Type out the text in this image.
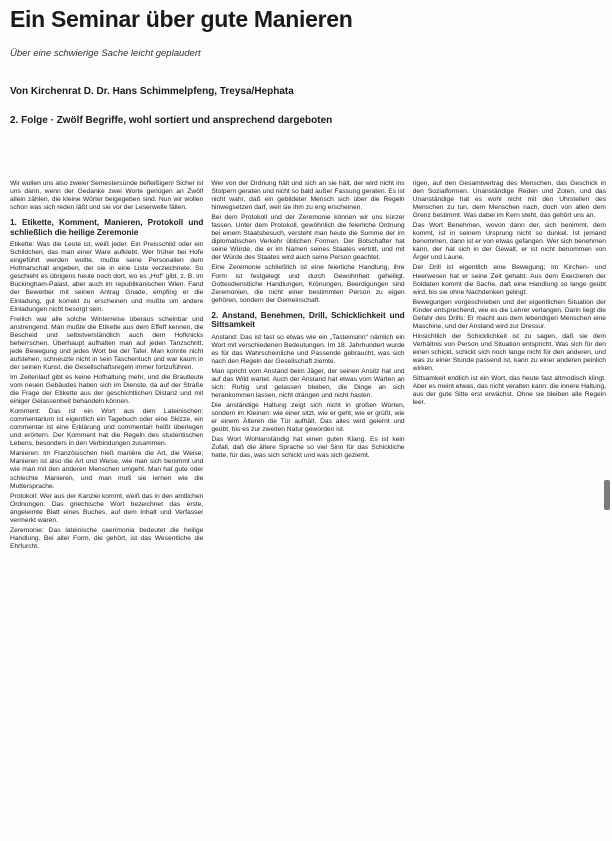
Ein Seminar über gute Manieren
Über eine schwierige Sache leicht geplaudert
Von Kirchenrat D. Dr. Hans Schimmelpfeng, Treysa/Hephata
2. Folge · Zwölf Begriffe, wohl sortiert und ansprechend dargeboten

Wir wollen uns also zweier Semestersünde befleißigen! Sicher ist uns dann, wenn der Gedanke zwei Worte genügen an Zwölf allein zählen, die kleine Wörter beigegeben sind. Nun wir wollen schon was sich reden läßt und sie vor der Leserwelle fällen.

1. Etikette, Komment, Manieren, Protokoll und schließlich die heilige Zeremonie

Etikette: Was die Leute ist, weiß jeder. Ein Preisschild oder ein Schildchen, das man einer Ware aufklebt. Wer früher bei Hofe eingeführt werden wollte, mußte seine Personalien dem Hofmarschall angeben, der sie in eine Liste verzeichnete. So geschieht es übrigens heute noch dort, wo es „Hof“ gibt, z. B. im Buckingham-Palast, aber auch im republikanischen Wien. Fand der Bewerber mit seinen Antrag Gnade, empfing er die Einladung, gut korrekt zu erscheinen und mußte um andere Einladungen nicht besorgt sein.

Freilich war alle solche Winterreise überaus scheinbar und anstrengend. Man mußte die Etikette aus dem Effeff kennen, die Bescheid und selbstverständlich auch dem Hofknicks beherrschen. Überhaupt aufhalten man auf jeden Tanzschritt, jede Bewegung und jedes Wort bei der Tafel. Man konnte nicht aufstehen, schneuzte nicht in sein Taschentuch und war kaum in der seinen Kunst, die Gesellschaftsregeln immer fortzuführen.

Im Zeitenlauf gibt es keine Hofhaltung mehr, und die Brautleute vom neuen Gebäudes haben sich im Dienste, da auf der Straße die Frage der Etikette aus der geschichtlichen Distanz und mit einiger Gelassenheit behandeln können.

Komment: Das ist ein Wort aus dem Lateinischen: commentarium ist eigentlich ein Tagebuch oder eine Skizze, ein commentar ist eine Erklärung und commentari heißt überlegen und erörtern. Der Komment hat die Regeln des studentischen Lebens, besonders in den Verbindungen zusammen.

Manieren: Im Französischen hieß manière die Art, die Weise; Manieren ist also die Art und Weise, wie man sich benimmt und wie man mit den anderen Menschen umgeht. Man hat gute oder schlechte Manieren, und man muß sie lernen wie die Muttersprache.

Protokoll: Wer aus der Kanzlei kommt, weiß das in den amtlichen Ordnungen. Das griechische Wort bezeichnet das erste, angeleimte Blatt eines Buches, auf dem Inhalt und Verfasser vermerkt waren.

Zeremonie: Das lateinische caerimonia bedeutet die heilige Handlung. Bei aller Form, die gehört, ist das Wesentliche die Ehrfurcht.

Wer von der Ordnung hält und sich an sie hält, der wird nicht ins Stolpern geraten und nicht so bald außer Fassung geraten. Es ist nicht wahr, daß ein gebildeter Mensch sich über die Regeln hinwegsetzen darf, weil sie ihm zu eng erscheinen.

Bei dem Protokoll und der Zeremonie können wir uns kürzer fassen. Unter dem Protokoll, gewöhnlich die feierliche Ordnung bei einem Staatsbesuch, versteht man heute die Summe der im diplomatischen Verkehr üblichen Formen. Der Botschafter hat seine Würde, die er im Namen seines Staates vertritt, und mit der Würde des Staates wird auch seine Person geachtet.

Eine Zeremonie schließlich ist eine feierliche Handlung, ihre Form ist festgelegt und durch Gewohnheit geheiligt. Gottesdienstliche Handlungen, Krönungen, Beerdigungen sind Zeremonien, die nicht einer bestimmten Person zu eigen gehören, sondern der Gemeinschaft.

2. Anstand, Benehmen, Drill, Schicklichkeit und Sittsamkeit

Anstand: Das ist fast so etwas wie ein „Tasteinsinn“ nämlich ein Wort mit verschiedenen Bedeutungen. Im 18. Jahrhundert wurde es für das Wahrscheinliche und Passende gebraucht, was sich nach den Regeln der Gesellschaft ziemte.

Man spricht vom Anstand beim Jäger, der seinen Ansitz hat und auf das Wild wartet. Auch der Anstand hat etwas vom Warten an sich: Ruhig und gelassen bleiben, die Dinge an sich herankommen lassen, nicht drängen und nicht hasten.

Die anständige Haltung zeigt sich nicht in großen Worten, sondern im Kleinen: wie einer sitzt, wie er geht, wie er grüßt, wie er einem Älteren die Tür aufhält. Das alles wird gelernt und geübt, bis es zur zweiten Natur geworden ist.

Das Wort Wohlanständig hat einen guten Klang. Es ist kein Zufall, daß die ältere Sprache so viel Sinn für das Schickliche hatte, für das, was sich schickt und was sich geziemt.

rigen, auf den Gesamtvertrag des Menschen, das Geschick in den Sozialformen. Unanständige Reden und Zoten, und das Unanständige hat es wohl nicht mit den Uhrstellen des Menschen zu tun, dem Menschen nach, doch von allen dem Grenz bestimmt. Was dabei im Kern steht, das gehört uns an.

Das Wort Benehmen, wovon dann der, sich benimmt, dem kommt, ist in seinem Ursprung nicht so dunkel. Ist jemand benommen, dann ist er von etwas gefangen. Wer sich benehmen kann, der hat sich in der Gewalt, er ist nicht benommen von Ärger und Laune.

Der Drill ist eigentlich eine Bewegung; im Kirchen- und Heerwesen hat er seine Zeit gehabt. Aus dem Exerzieren der Soldaten kommt die Sache, daß eine Handlung so lange geübt wird, bis sie ohne Nachdenken gelingt.

Bewegungen vorgeschrieben und der eigentlichen Situation der Kinder entsprechend, wie es die Lehrer verlangen. Darin liegt die Gefahr des Drills: Er macht aus dem lebendigen Menschen eine Maschine, und der Anstand wird zur Dressur.

Hinsichtlich der Schicklichkeit ist zu sagen, daß sie dem Verhältnis von Person und Situation entspricht. Was sich für den einen schickt, schickt sich noch lange nicht für den anderen, und was zu einer Stunde passend ist, kann zu einer anderen peinlich wirken.

Sittsamkeit endlich ist ein Wort, das heute fast altmodisch klingt. Aber es meint etwas, das nicht veralten kann: die innere Haltung, aus der gute Sitte erst erwächst. Ohne sie bleiben alle Regeln leer.
